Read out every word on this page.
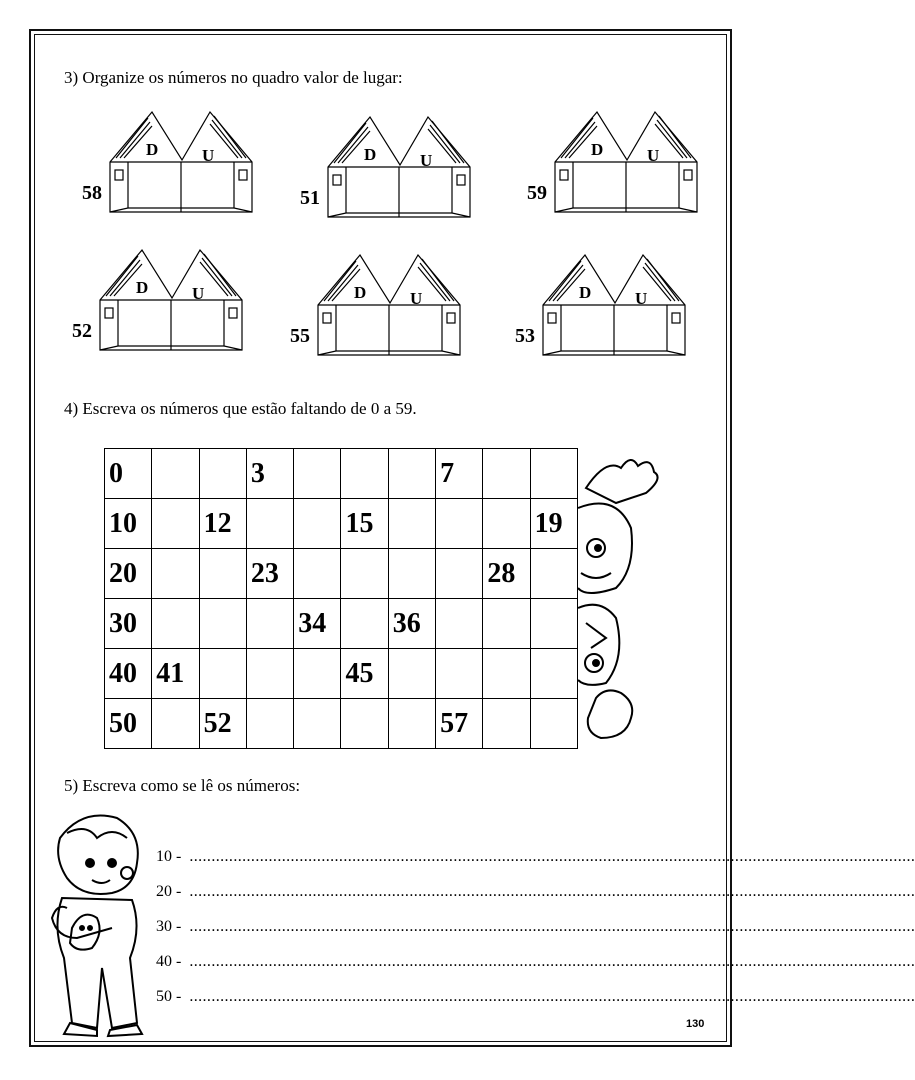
3) Organize os números no quadro valor de lugar:
D	U
58
D	U
51
D	U
59
D	U
52
D	U
55
D	U
53
4) Escreva os números que estão faltando de 0 a 59.
0			3				7		
10		12			15				19
20			23					28	
30				34		36			
40	41				45				
50		52					57		
5) Escreva como se lê os números:
10 - .....................................................................................................................................................................
20 - .....................................................................................................................................................................
30 - .....................................................................................................................................................................
40 - .....................................................................................................................................................................
50 - .....................................................................................................................................................................
130
